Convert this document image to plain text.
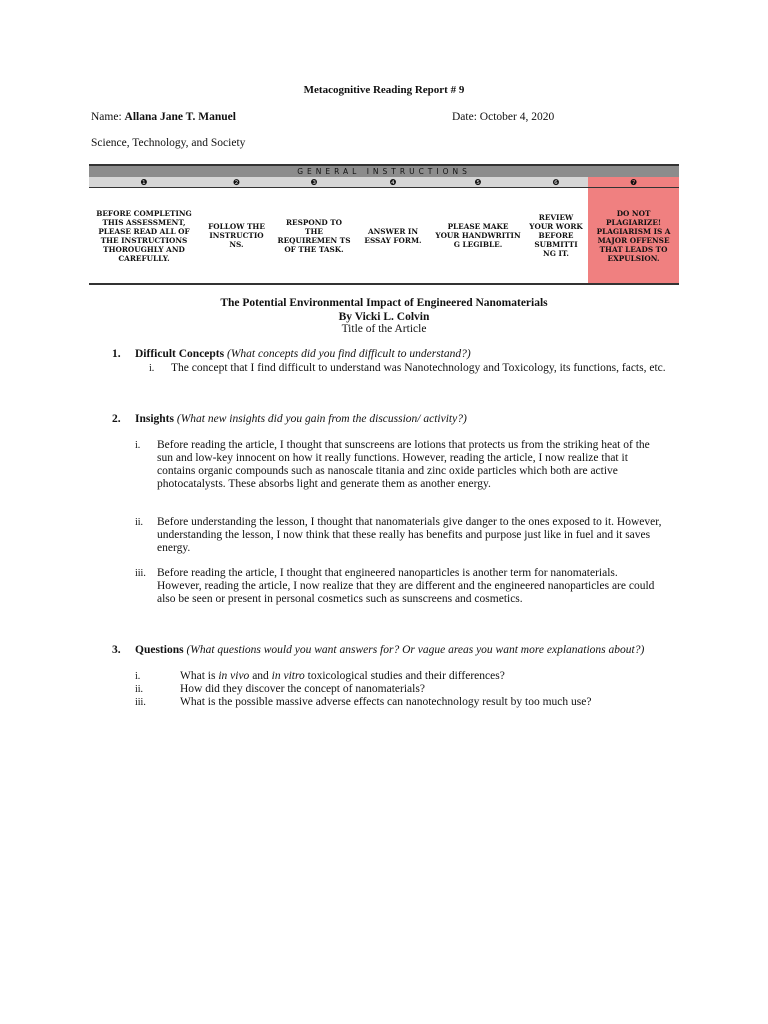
Metacognitive Reading Report # 9
Name: Allana Jane T. Manuel	Date: October 4, 2020
Science, Technology, and Society
GENERAL INSTRUCTIONS						
❶	❷	❸	❹	❺	❻	❼
BEFORE COMPLETING THIS ASSESSMENT, PLEASE READ ALL OF THE INSTRUCTIONS THOROUGHLY AND CAREFULLY.	FOLLOW THE INSTRUCTIO NS.	RESPOND TO THE REQUIREMEN TS OF THE TASK.	ANSWER IN ESSAY FORM.	PLEASE MAKE YOUR HANDWRITIN G LEGIBLE.	REVIEW YOUR WORK BEFORE SUBMITTI NG IT.	DO NOT PLAGIARIZE! PLAGIARISM IS A MAJOR OFFENSE THAT LEADS TO EXPULSION.
The Potential Environmental Impact of Engineered Nanomaterials
By Vicki L. Colvin
Title of the Article
1. Difficult Concepts (What concepts did you find difficult to understand?)
i. The concept that I find difficult to understand was Nanotechnology and Toxicology, its functions, facts, etc.
2. Insights (What new insights did you gain from the discussion/ activity?)
i. Before reading the article, I thought that sunscreens are lotions that protects us from the striking heat of the sun and low-key innocent on how it really functions. However, reading the article, I now realize that it contains organic compounds such as nanoscale titania and zinc oxide particles which both are active photocatalysts. These absorbs light and generate them as another energy.
ii. Before understanding the lesson, I thought that nanomaterials give danger to the ones exposed to it. However, understanding the lesson, I now think that these really has benefits and purpose just like in fuel and it saves energy.
iii. Before reading the article, I thought that engineered nanoparticles is another term for nanomaterials. However, reading the article, I now realize that they are different and the engineered nanoparticles are could also be seen or present in personal cosmetics such as sunscreens and cosmetics.
3. Questions (What questions would you want answers for? Or vague areas you want more explanations about?)
i.	What is in vivo and in vitro toxicological studies and their differences?
ii.	How did they discover the concept of nanomaterials?
iii.	What is the possible massive adverse effects can nanotechnology result by too much use?
